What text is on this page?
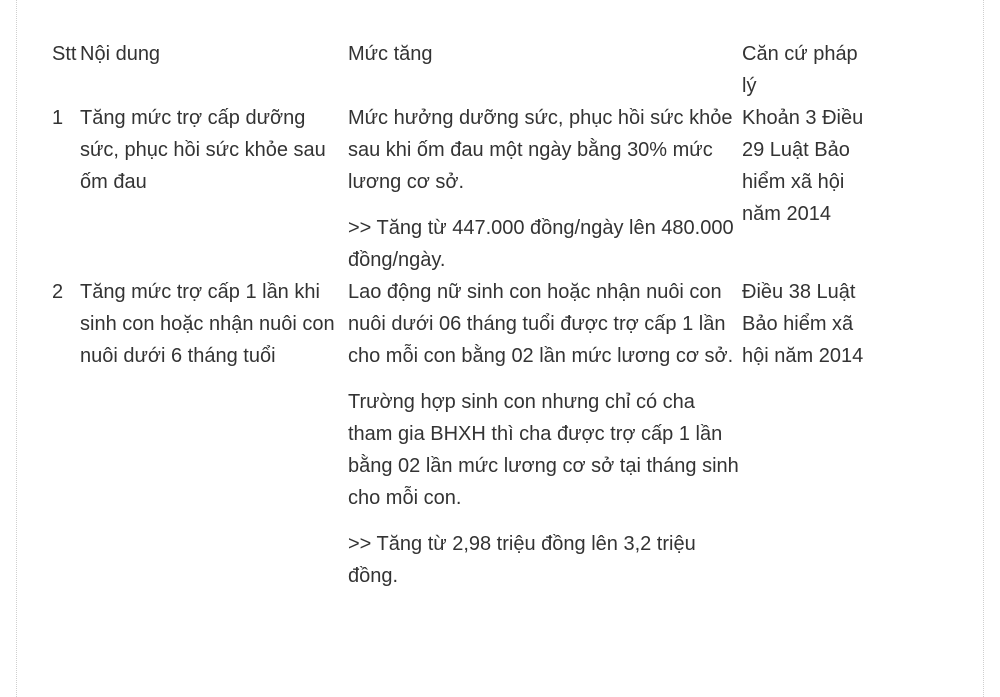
Stt	Nội dung	Mức tăng	Căn cứ pháp lý
1	Tăng mức trợ cấp dưỡng sức, phục hồi sức khỏe sau ốm đau	Mức hưởng dưỡng sức, phục hồi sức khỏe sau khi ốm đau một ngày bằng 30% mức lương cơ sở.

>> Tăng từ 447.000 đồng/ngày lên 480.000 đồng/ngày.	Khoản 3 Điều 29 Luật Bảo hiểm xã hội năm 2014
2	Tăng mức trợ cấp 1 lần khi sinh con hoặc nhận nuôi con nuôi dưới 6 tháng tuổi	Lao động nữ sinh con hoặc nhận nuôi con nuôi dưới 06 tháng tuổi được trợ cấp 1 lần cho mỗi con bằng 02 lần mức lương cơ sở.

Trường hợp sinh con nhưng chỉ có cha tham gia BHXH thì cha được trợ cấp 1 lần bằng 02 lần mức lương cơ sở tại tháng sinh cho mỗi con.

>> Tăng từ 2,98 triệu đồng lên 3,2 triệu đồng.	Điều 38 Luật Bảo hiểm xã hội năm 2014
